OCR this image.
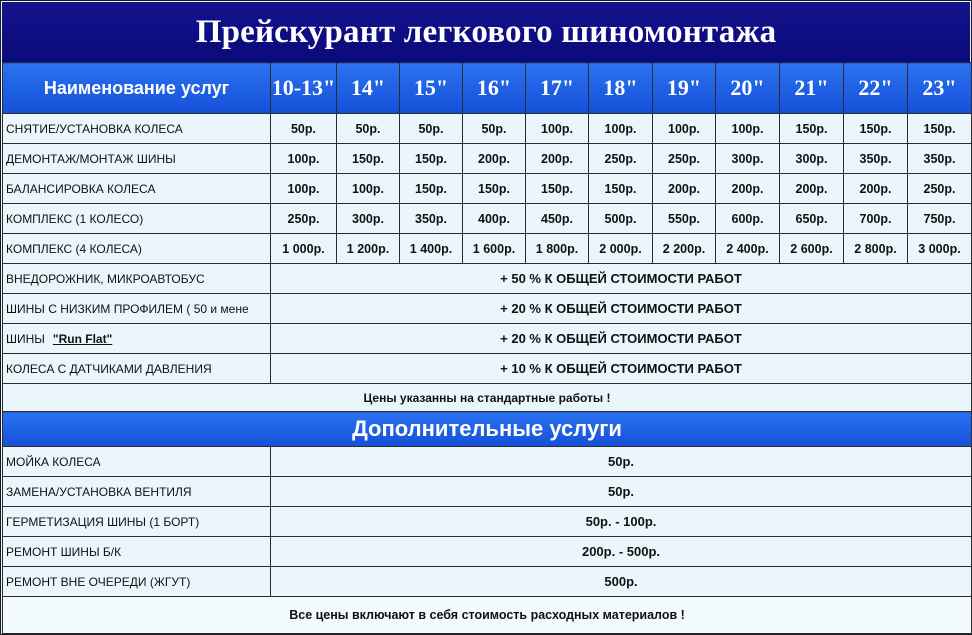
Прейскурант легкового шиномонтажа
Наименование услуг	10-13"	14"	15"	16"	17"	18"	19"	20"	21"	22"	23"
СНЯТИЕ/УСТАНОВКА КОЛЕСА	50р.	50р.	50р.	50р.	100р.	100р.	100р.	100р.	150р.	150р.	150р.
ДЕМОНТАЖ/МОНТАЖ ШИНЫ	100р.	150р.	150р.	200р.	200р.	250р.	250р.	300р.	300р.	350р.	350р.
БАЛАНСИРОВКА КОЛЕСА	100р.	100р.	150р.	150р.	150р.	150р.	200р.	200р.	200р.	200р.	250р.
КОМПЛЕКС (1 КОЛЕСО)	250р.	300р.	350р.	400р.	450р.	500р.	550р.	600р.	650р.	700р.	750р.
КОМПЛЕКС (4 КОЛЕСА)	1 000р.	1 200р.	1 400р.	1 600р.	1 800р.	2 000р.	2 200р.	2 400р.	2 600р.	2 800р.	3 000р.
ВНЕДОРОЖНИК, МИКРОАВТОБУС	+ 50 % К ОБЩЕЙ СТОИМОСТИ РАБОТ										
ШИНЫ С НИЗКИМ ПРОФИЛЕМ ( 50 и мене	+ 20 % К ОБЩЕЙ СТОИМОСТИ РАБОТ										
ШИНЫ "Run Flat"	+ 20 % К ОБЩЕЙ СТОИМОСТИ РАБОТ										
КОЛЕСА С ДАТЧИКАМИ ДАВЛЕНИЯ	+ 10 % К ОБЩЕЙ СТОИМОСТИ РАБОТ										
Цены указанны на стандартные работы !											
Дополнительные услуги											
МОЙКА КОЛЕСА	50р.										
ЗАМЕНА/УСТАНОВКА ВЕНТИЛЯ	50р.										
ГЕРМЕТИЗАЦИЯ ШИНЫ (1 БОРТ)	50р. - 100р.										
РЕМОНТ ШИНЫ Б/К	200р. - 500р.										
РЕМОНТ ВНЕ ОЧЕРЕДИ (ЖГУТ)	500р.										
Все цены включают в себя стоимость расходных материалов !											
